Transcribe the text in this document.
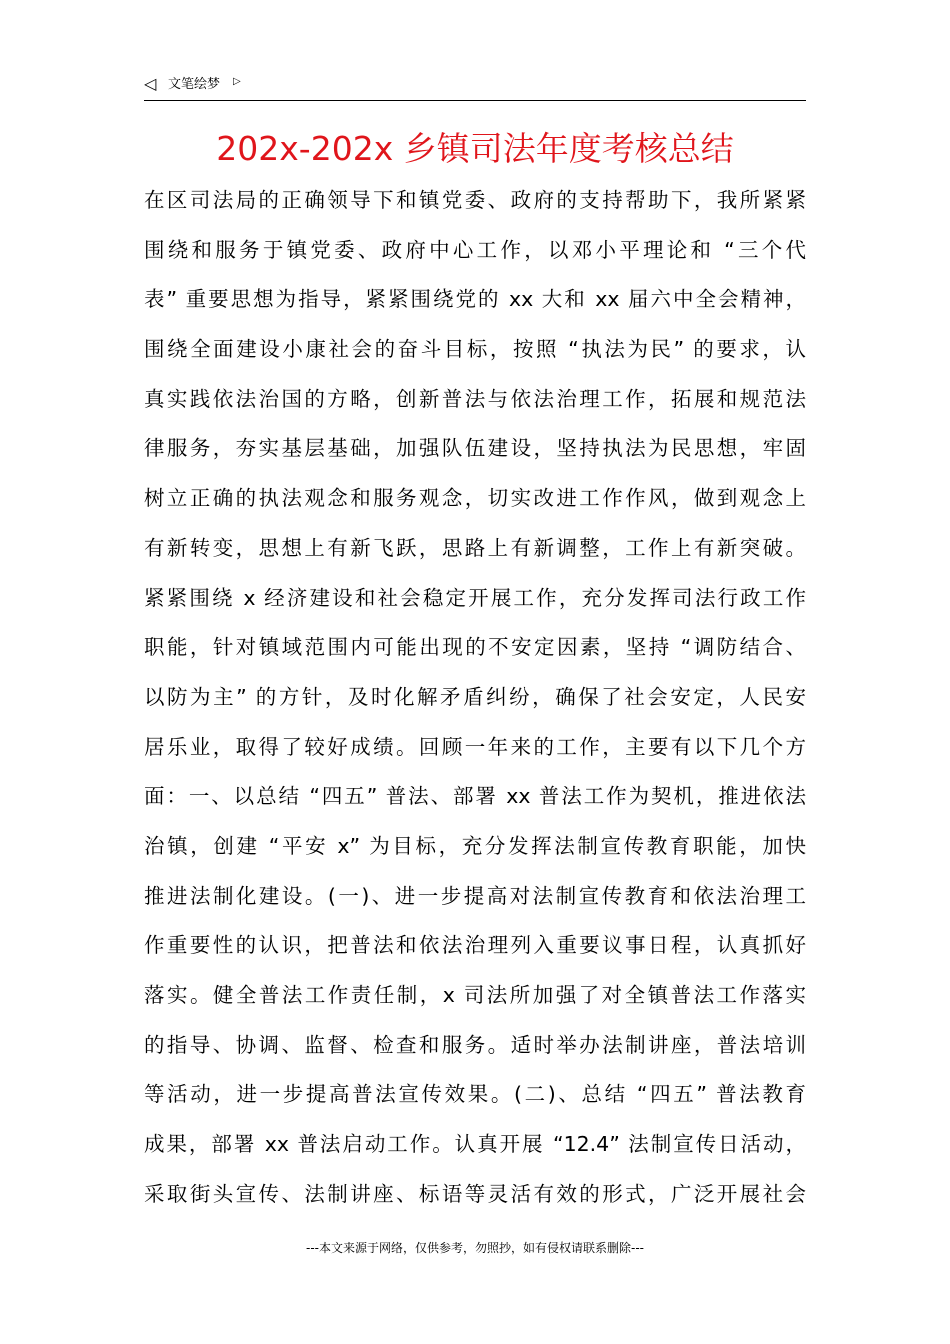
◁ 文笔绘梦 ▷
202x-202x 乡镇司法年度考核总结
在区司法局的正确领导下和镇党委、政府的支持帮助下，我所紧紧
围绕和服务于镇党委、政府中心工作，以邓小平理论和 “三个代
表” 重要思想为指导，紧紧围绕党的 xx 大和 xx 届六中全会精神，
围绕全面建设小康社会的奋斗目标，按照 “执法为民” 的要求，认
真实践依法治国的方略，创新普法与依法治理工作，拓展和规范法
律服务，夯实基层基础，加强队伍建设，坚持执法为民思想，牢固
树立正确的执法观念和服务观念，切实改进工作作风，做到观念上
有新转变，思想上有新飞跃，思路上有新调整，工作上有新突破。
紧紧围绕 x 经济建设和社会稳定开展工作，充分发挥司法行政工作
职能，针对镇域范围内可能出现的不安定因素，坚持 “调防结合、
以防为主” 的方针，及时化解矛盾纠纷，确保了社会安定，人民安
居乐业，取得了较好成绩。回顾一年来的工作，主要有以下几个方
面：一、以总结 “四五” 普法、部署 xx 普法工作为契机，推进依法
治镇，创建 “平安 x” 为目标，充分发挥法制宣传教育职能，加快
推进法制化建设。(一)、进一步提高对法制宣传教育和依法治理工
作重要性的认识，把普法和依法治理列入重要议事日程，认真抓好
落实。健全普法工作责任制，x 司法所加强了对全镇普法工作落实
的指导、协调、监督、检查和服务。适时举办法制讲座，普法培训
等活动，进一步提高普法宣传效果。(二)、总结 “四五” 普法教育
成果，部署 xx 普法启动工作。认真开展 “12.4” 法制宣传日活动，
采取街头宣传、法制讲座、标语等灵活有效的形式，广泛开展社会
---本文来源于网络，仅供参考，勿照抄，如有侵权请联系删除---
